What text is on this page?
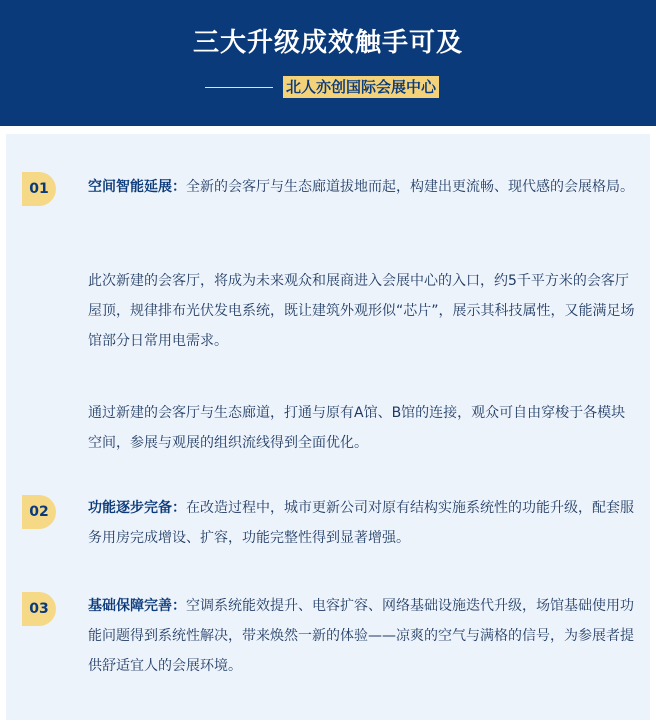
三大升级成效触手可及
北人亦创国际会展中心
01	空间智能延展：全新的会客厅与生态廊道拔地而起，构建出更流畅、现代感的会展格局。

此次新建的会客厅，将成为未来观众和展商进入会展中心的入口，约5千平方米的会客厅屋顶，规律排布光伏发电系统，既让建筑外观形似“芯片”，展示其科技属性，又能满足场馆部分日常用电需求。

通过新建的会客厅与生态廊道，打通与原有A馆、B馆的连接，观众可自由穿梭于各模块空间，参展与观展的组织流线得到全面优化。

02	功能逐步完备：在改造过程中，城市更新公司对原有结构实施系统性的功能升级，配套服务用房完成增设、扩容，功能完整性得到显著增强。

03	基础保障完善：空调系统能效提升、电容扩容、网络基础设施迭代升级，场馆基础使用功能问题得到系统性解决，带来焕然一新的体验——凉爽的空气与满格的信号，为参展者提供舒适宜人的会展环境。
